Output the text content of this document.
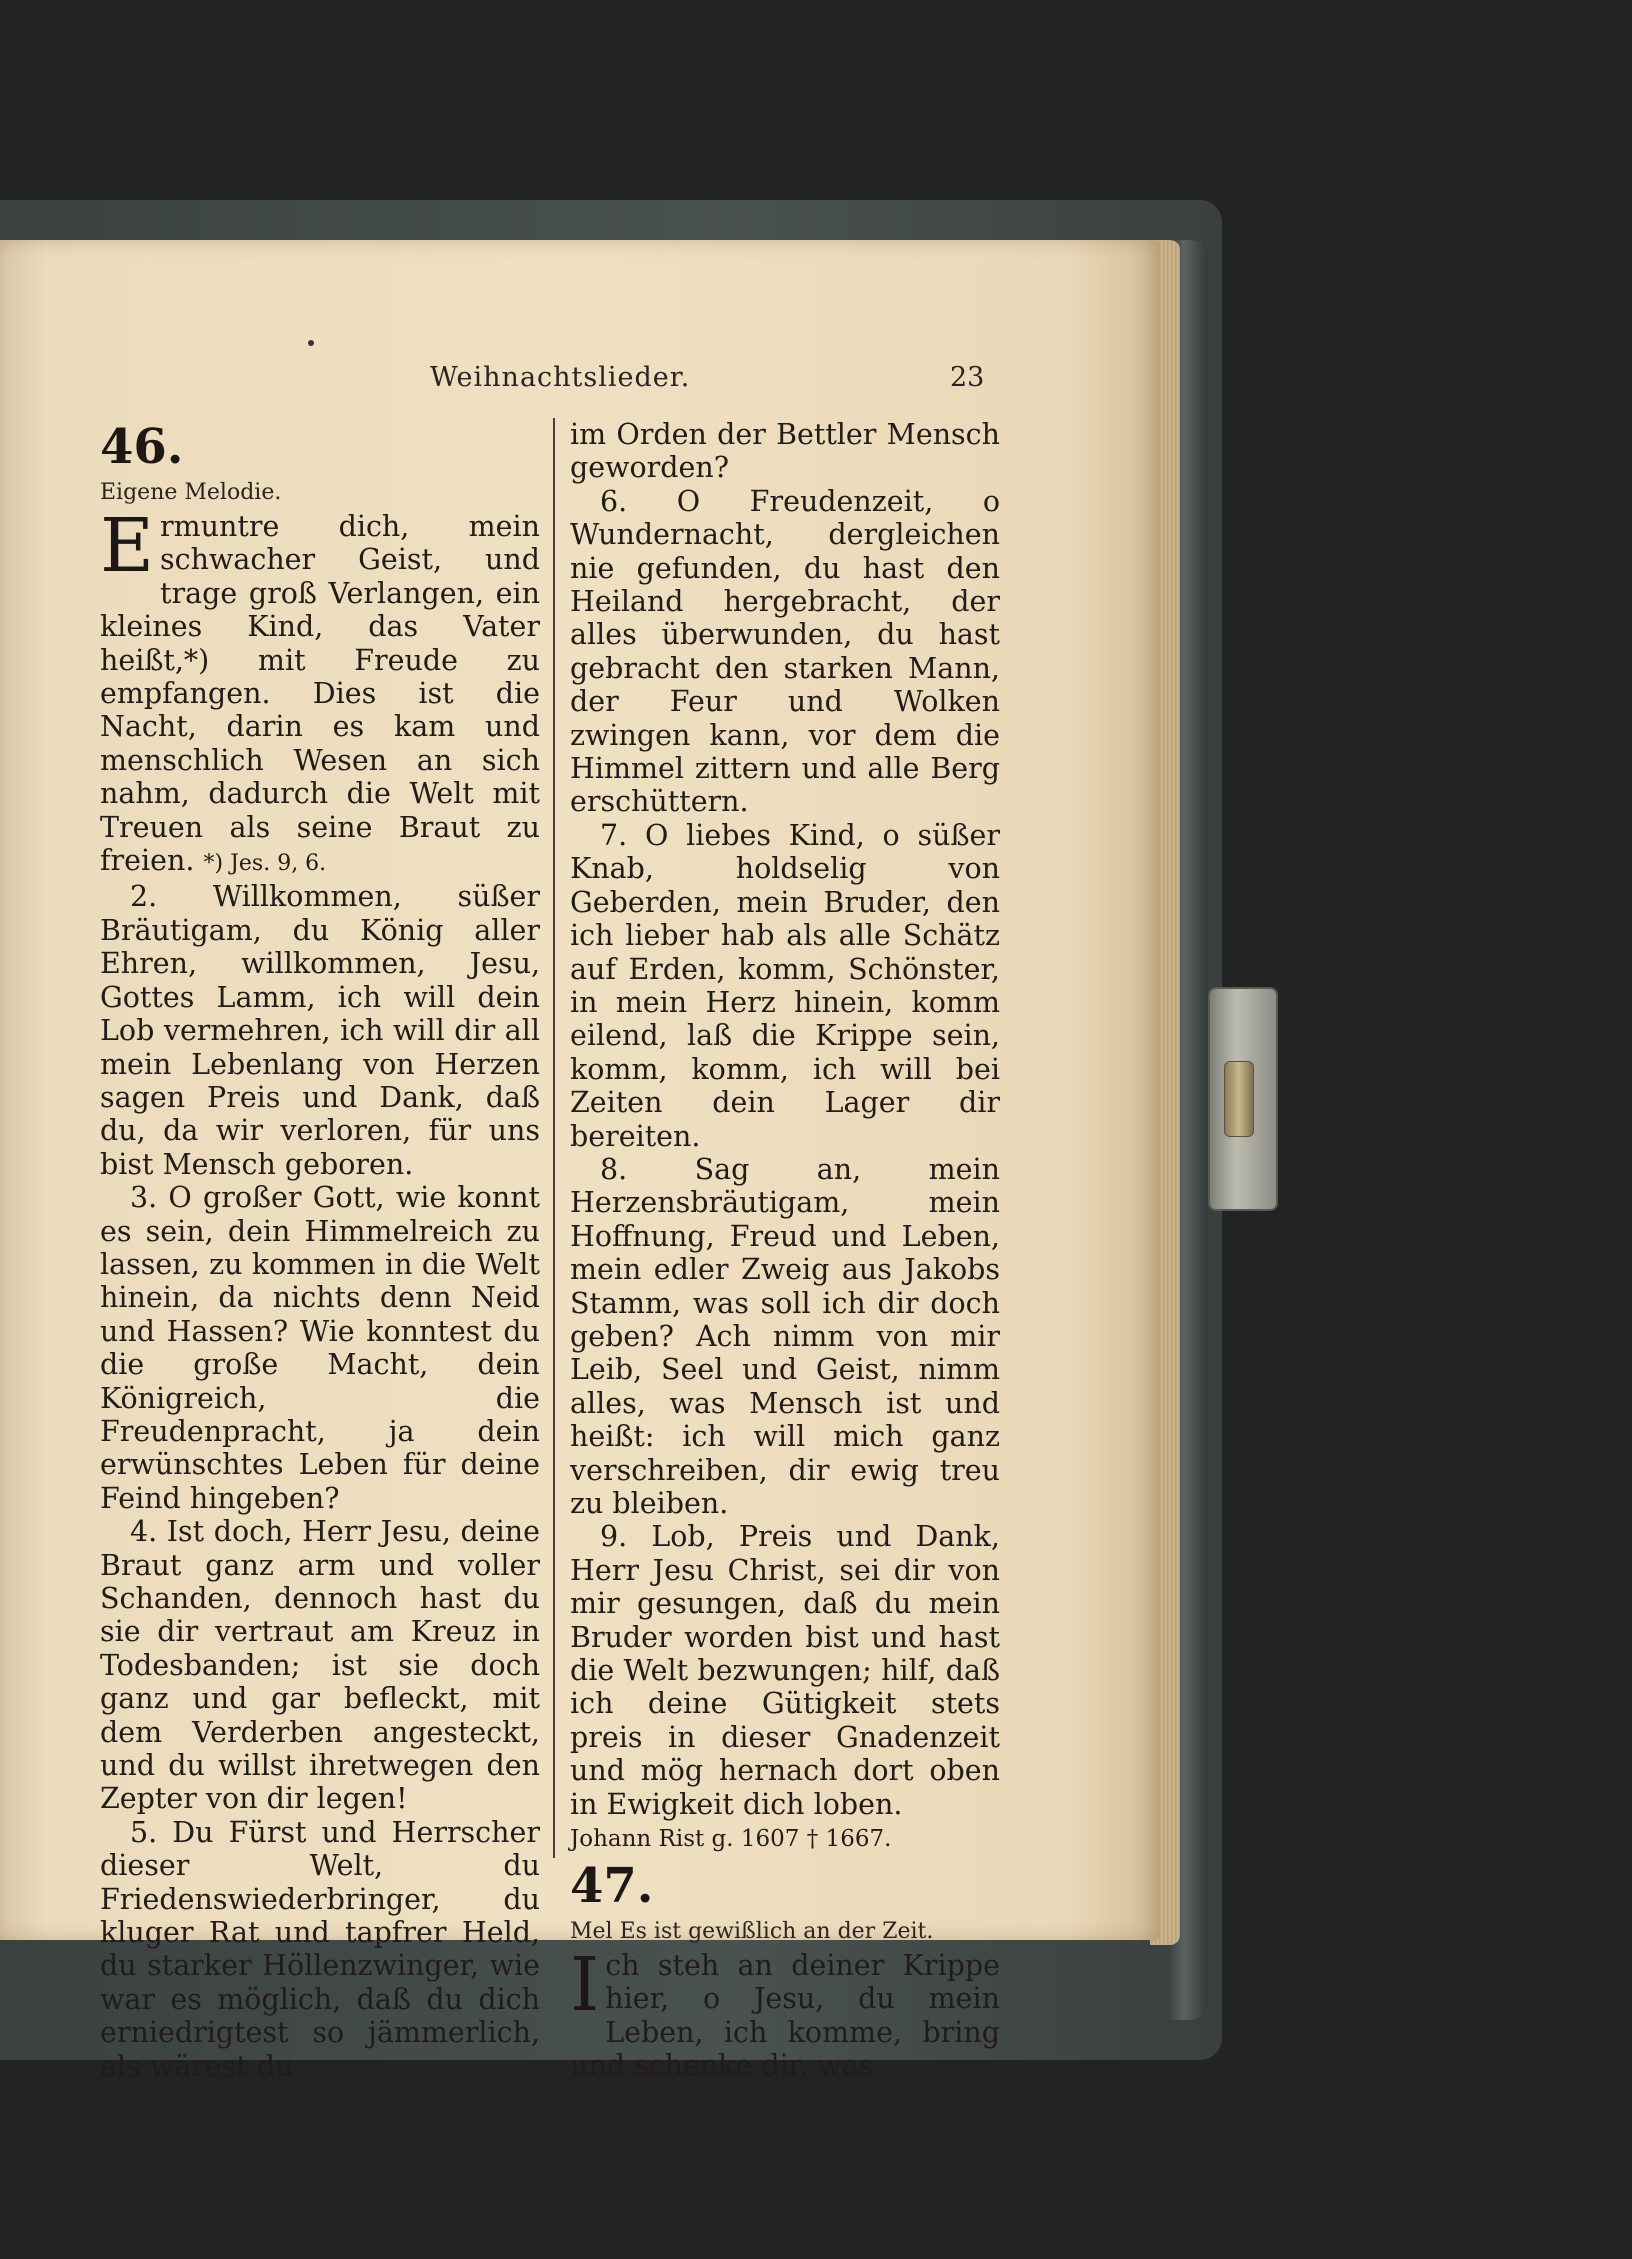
Weihnachtslieder.	23

46.

Eigene Melodie.

Ermuntre dich, mein schwacher Geist, und trage groß Verlangen, ein kleines Kind, das Vater heißt,*) mit Freude zu empfangen. Dies ist die Nacht, darin es kam und menschlich Wesen an sich nahm, dadurch die Welt mit Treuen als seine Braut zu freien. *) Jes. 9, 6.

2. Willkommen, süßer Bräutigam, du König aller Ehren, willkommen, Jesu, Gottes Lamm, ich will dein Lob vermehren, ich will dir all mein Lebenlang von Herzen sagen Preis und Dank, daß du, da wir verloren, für uns bist Mensch geboren.

3. O großer Gott, wie konnt es sein, dein Himmelreich zu lassen, zu kommen in die Welt hinein, da nichts denn Neid und Hassen? Wie konntest du die große Macht, dein Königreich, die Freudenpracht, ja dein erwünschtes Leben für deine Feind hingeben?

4. Ist doch, Herr Jesu, deine Braut ganz arm und voller Schanden, dennoch hast du sie dir vertraut am Kreuz in Todesbanden; ist sie doch ganz und gar befleckt, mit dem Verderben angesteckt, und du willst ihretwegen den Zepter von dir legen!

5. Du Fürst und Herrscher dieser Welt, du Friedenswiederbringer, du kluger Rat und tapfrer Held, du starker Höllenzwinger, wie war es möglich, daß du dich erniedrigtest so jämmerlich, als wärest du

im Orden der Bettler Mensch geworden?

6. O Freudenzeit, o Wundernacht, dergleichen nie gefunden, du hast den Heiland hergebracht, der alles überwunden, du hast gebracht den starken Mann, der Feur und Wolken zwingen kann, vor dem die Himmel zittern und alle Berg erschüttern.

7. O liebes Kind, o süßer Knab, holdselig von Geberden, mein Bruder, den ich lieber hab als alle Schätz auf Erden, komm, Schönster, in mein Herz hinein, komm eilend, laß die Krippe sein, komm, komm, ich will bei Zeiten dein Lager dir bereiten.

8. Sag an, mein Herzensbräutigam, mein Hoffnung, Freud und Leben, mein edler Zweig aus Jakobs Stamm, was soll ich dir doch geben? Ach nimm von mir Leib, Seel und Geist, nimm alles, was Mensch ist und heißt: ich will mich ganz verschreiben, dir ewig treu zu bleiben.

9. Lob, Preis und Dank, Herr Jesu Christ, sei dir von mir gesungen, daß du mein Bruder worden bist und hast die Welt bezwungen; hilf, daß ich deine Gütigkeit stets preis in dieser Gnadenzeit und mög hernach dort oben in Ewigkeit dich loben.

Johann Rist g. 1607 † 1667.

47.

Mel Es ist gewißlich an der Zeit.

Ich steh an deiner Krippe hier, o Jesu, du mein Leben, ich komme, bring und schenke dir, was
